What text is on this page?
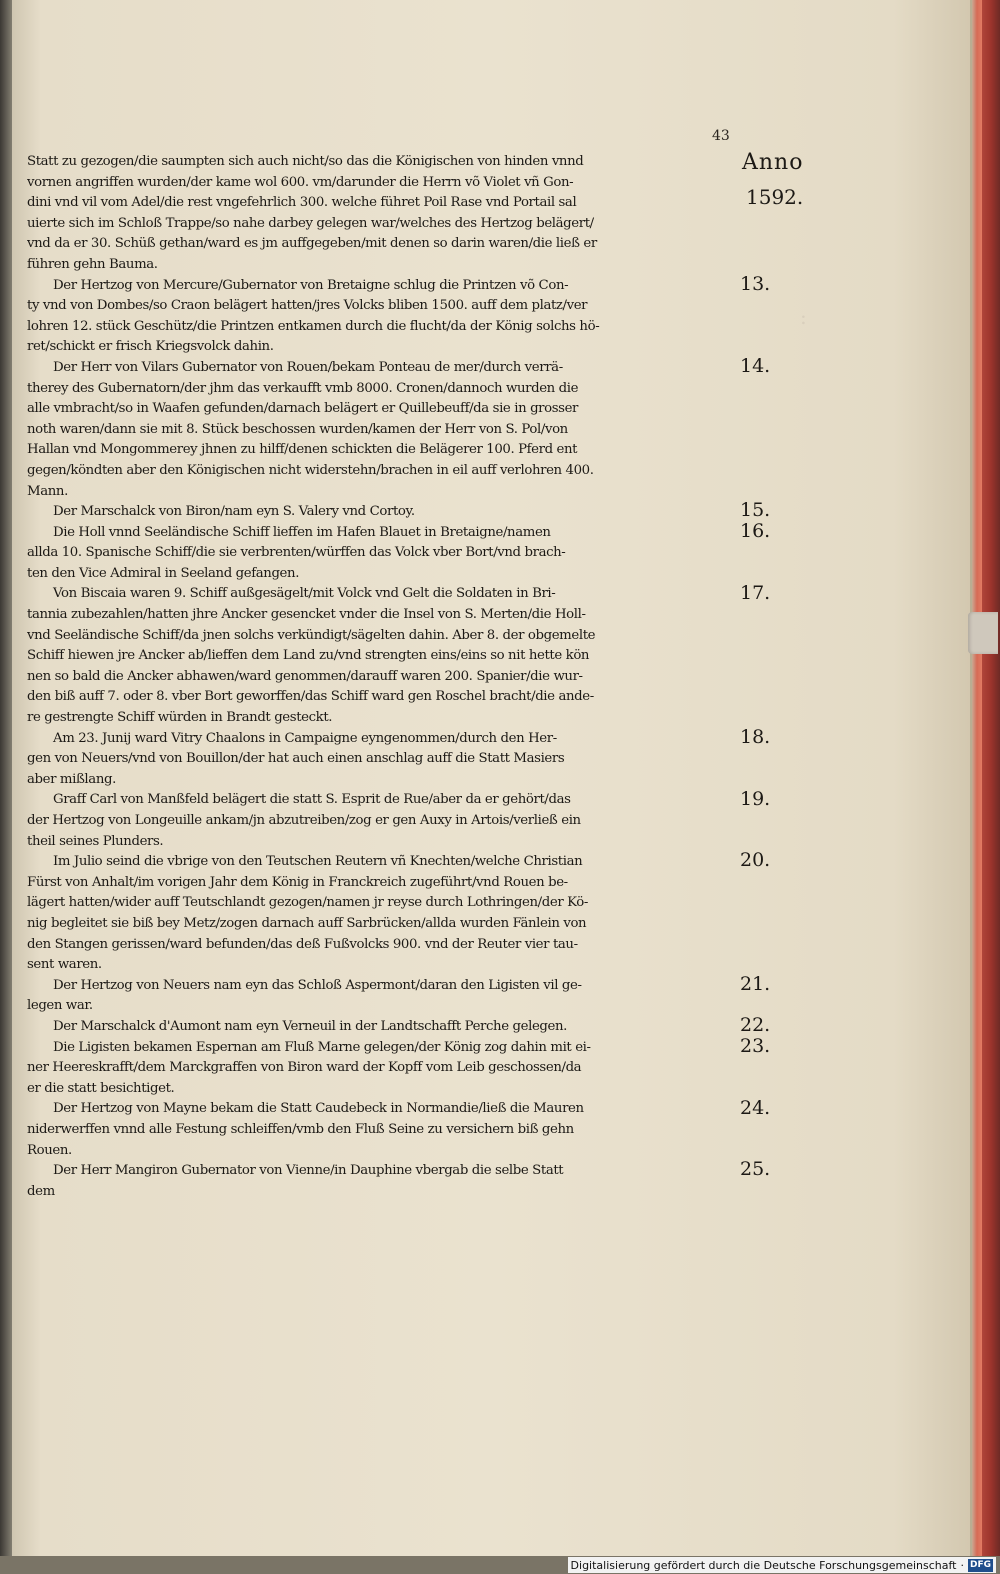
43
Anno
1592.
:
Statt zu gezogen/die saumpten sich auch nicht/so das die Königischen von hinden vnnd
vornen angriffen wurden/der kame wol 600. vm/darunder die Herrn võ Violet vñ Gon-
dini vnd vil vom Adel/die rest vngefehrlich 300. welche führet Poil Rase vnd Portail sal
uierte sich im Schloß Trappe/so nahe darbey gelegen war/welches des Hertzog belägert/
vnd da er 30. Schüß gethan/ward es jm auffgegeben/mit denen so darin waren/die ließ er
führen gehn Bauma.
Der Hertzog von Mercure/Gubernator von Bretaigne schlug die Printzen võ Con-
ty vnd von Dombes/so Craon belägert hatten/jres Volcks bliben 1500. auff dem platz/ver
lohren 12. stück Geschütz/die Printzen entkamen durch die flucht/da der König solchs hö-
ret/schickt er frisch Kriegsvolck dahin.
Der Herr von Vilars Gubernator von Rouen/bekam Ponteau de mer/durch verrä-
therey des Gubernatorn/der jhm das verkaufft vmb 8000. Cronen/dannoch wurden die
alle vmbracht/so in Waafen gefunden/darnach belägert er Quillebeuff/da sie in grosser
noth waren/dann sie mit 8. Stück beschossen wurden/kamen der Herr von S. Pol/von
Hallan vnd Mongommerey jhnen zu hilff/denen schickten die Belägerer 100. Pferd ent
gegen/köndten aber den Königischen nicht widerstehn/brachen in eil auff verlohren 400.
Mann.
Der Marschalck von Biron/nam eyn S. Valery vnd Cortoy.
Die Holl vnnd Seeländische Schiff lieffen im Hafen Blauet in Bretaigne/namen
allda 10. Spanische Schiff/die sie verbrenten/würffen das Volck vber Bort/vnd brach-
ten den Vice Admiral in Seeland gefangen.
Von Biscaia waren 9. Schiff außgesägelt/mit Volck vnd Gelt die Soldaten in Bri-
tannia zubezahlen/hatten jhre Ancker gesencket vnder die Insel von S. Merten/die Holl-
vnd Seeländische Schiff/da jnen solchs verkündigt/sägelten dahin. Aber 8. der obgemelte
Schiff hiewen jre Ancker ab/lieffen dem Land zu/vnd strengten eins/eins so nit hette kön
nen so bald die Ancker abhawen/ward genommen/darauff waren 200. Spanier/die wur-
den biß auff 7. oder 8. vber Bort geworffen/das Schiff ward gen Roschel bracht/die ande-
re gestrengte Schiff würden in Brandt gesteckt.
Am 23. Junij ward Vitry Chaalons in Campaigne eyngenommen/durch den Her-
gen von Neuers/vnd von Bouillon/der hat auch einen anschlag auff die Statt Masiers
aber mißlang.
Graff Carl von Manßfeld belägert die statt S. Esprit de Rue/aber da er gehört/das
der Hertzog von Longeuille ankam/jn abzutreiben/zog er gen Auxy in Artois/verließ ein
theil seines Plunders.
Im Julio seind die vbrige von den Teutschen Reutern vñ Knechten/welche Christian
Fürst von Anhalt/im vorigen Jahr dem König in Franckreich zugeführt/vnd Rouen be-
lägert hatten/wider auff Teutschlandt gezogen/namen jr reyse durch Lothringen/der Kö-
nig begleitet sie biß bey Metz/zogen darnach auff Sarbrücken/allda wurden Fänlein von
den Stangen gerissen/ward befunden/das deß Fußvolcks 900. vnd der Reuter vier tau-
sent waren.
Der Hertzog von Neuers nam eyn das Schloß Aspermont/daran den Ligisten vil ge-
legen war.
Der Marschalck d'Aumont nam eyn Verneuil in der Landtschafft Perche gelegen.
Die Ligisten bekamen Espernan am Fluß Marne gelegen/der König zog dahin mit ei-
ner Heereskrafft/dem Marckgraffen von Biron ward der Kopff vom Leib geschossen/da
er die statt besichtiget.
Der Hertzog von Mayne bekam die Statt Caudebeck in Normandie/ließ die Mauren
niderwerffen vnnd alle Festung schleiffen/vmb den Fluß Seine zu versichern biß gehn
Rouen.
Der Herr Mangiron Gubernator von Vienne/in Dauphine vbergab die selbe Statt
dem
13.
14.
15.
16.
17.
18.
19.
20.
21.
22.
23.
24.
25.
Digitalisierung gefördert durch die Deutsche Forschungsgemeinschaft · DFG
